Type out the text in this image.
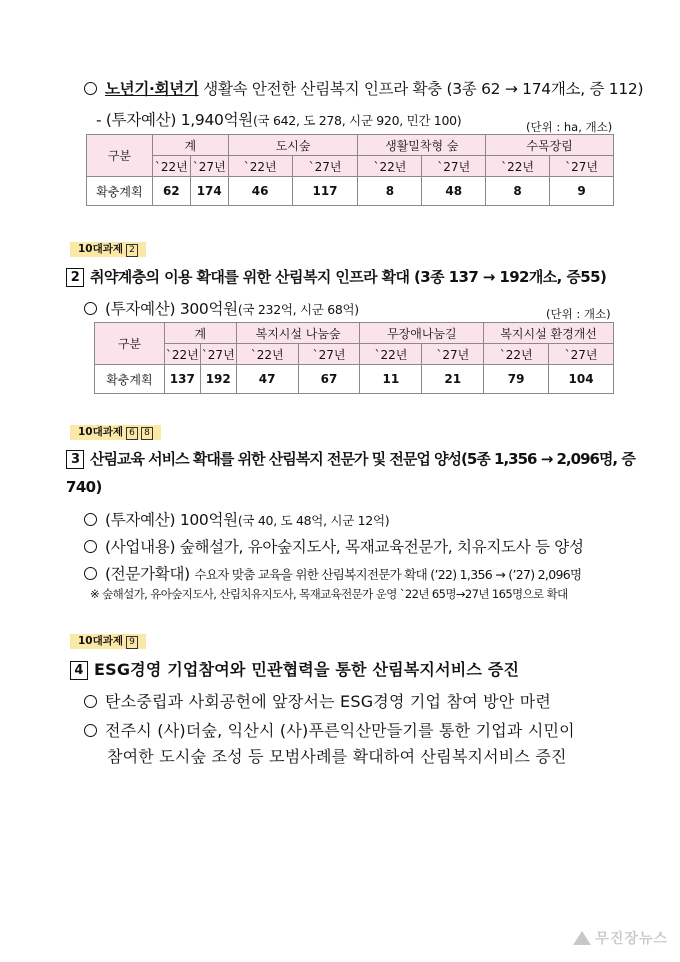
노년기·회년기 생활속 안전한 산림복지 인프라 확충 (3종 62 → 174개소, 증 112)
- (투자예산) 1,940억원(국 642, 도 278, 시군 920, 민간 100)	(단위 : ha, 개소)
구분	계		도시숲		생활밀착형 숲		수목장림	
	`22년	`27년	`22년	`27년	`22년	`27년	`22년	`27년
확충계획	62	174	46	117	8	48	8	9
10대과제 2
2 취약계층의 이용 확대를 위한 산림복지 인프라 확대 (3종 137 → 192개소, 증55)
(투자예산) 300억원(국 232억, 시군 68억)	(단위 : 개소)
구분	계		복지시설 나눔숲		무장애나눔길		복지시설 환경개선	
	`22년	`27년	`22년	`27년	`22년	`27년	`22년	`27년
확충계획	137	192	47	67	11	21	79	104
10대과제 6 8
3 산림교육 서비스 확대를 위한 산림복지 전문가 및 전문업 양성(5종 1,356 → 2,096명, 증
740)
(투자예산) 100억원(국 40, 도 48억, 시군 12억)
(사업내용) 숲해설가, 유아숲지도사, 목재교육전문가, 치유지도사 등 양성
(전문가확대) 수요자 맞춤 교육을 위한 산림복지전문가 확대 (’22) 1,356 → (’27) 2,096명
※ 숲해설가, 유아숲지도사, 산림치유지도사, 목재교육전문가 운영 `22년 65명→27년 165명으로 확대
10대과제 9
4 ESG경영 기업참여와 민관협력을 통한 산림복지서비스 증진
탄소중립과 사회공헌에 앞장서는 ESG경영 기업 참여 방안 마련
전주시 (사)더숲, 익산시 (사)푸른익산만들기를 통한 기업과 시민이
참여한 도시숲 조성 등 모범사례를 확대하여 산림복지서비스 증진
무진장뉴스
